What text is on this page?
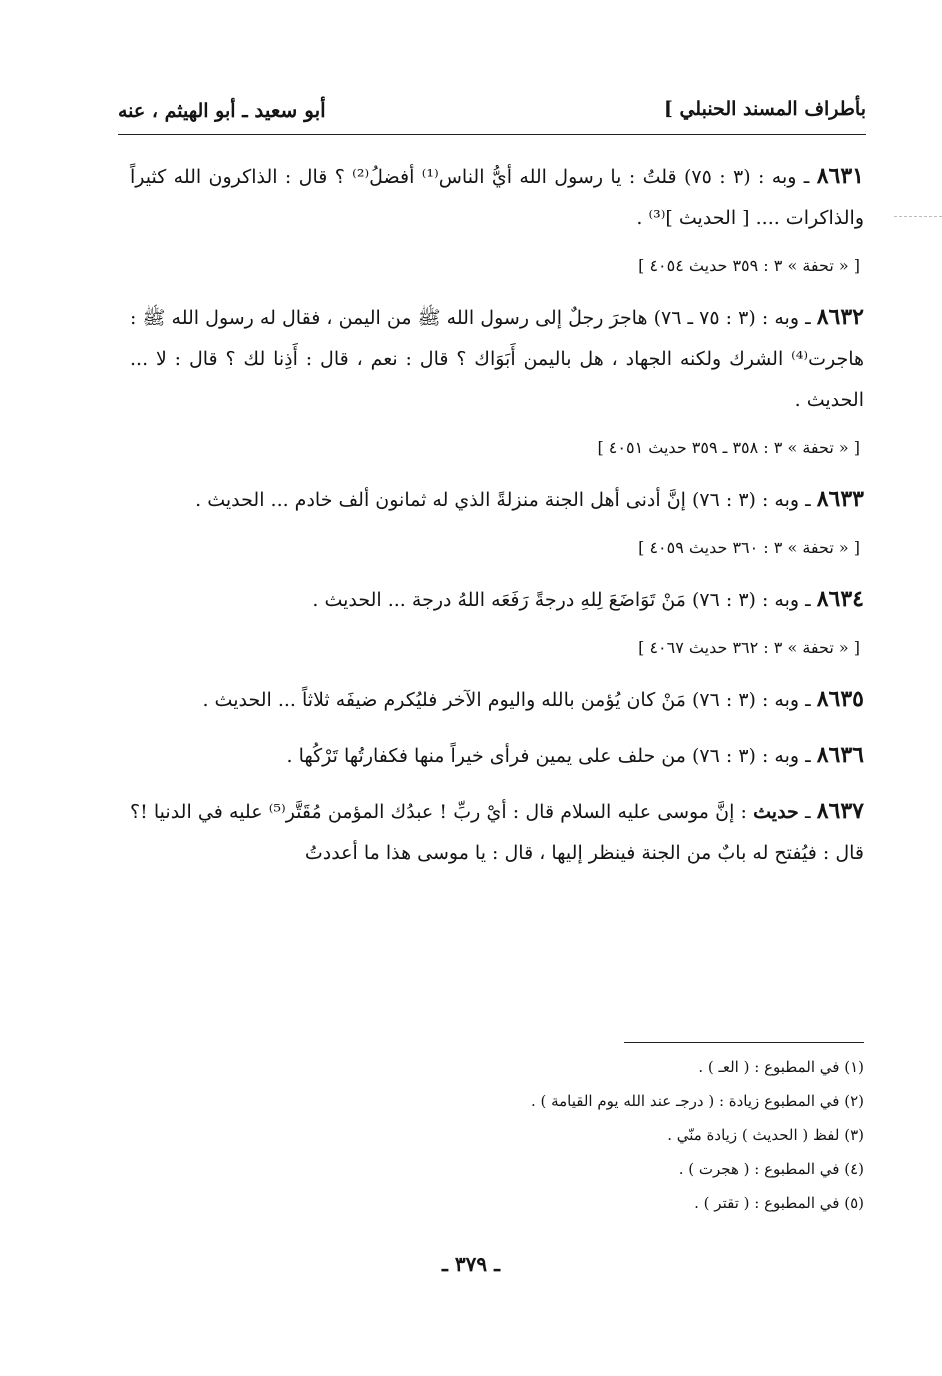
بأطراف المسند الحنبلي ]
أبو سعيد ـ أبو الهيثم ، عنه
٨٦٣١ ـ وبه : (٣ : ٧٥) قلتُ : يا رسول الله أيُّ الناس⁽¹⁾ أفضلُ⁽²⁾ ؟ قال : الذاكرون الله كثيراً والذاكرات .... [ الحديث ]⁽³⁾ .
[ « تحفة » ٣ : ٣٥٩ حديث ٤٠٥٤ ]
٨٦٣٢ ـ وبه : (٣ : ٧٥ ـ ٧٦) هاجرَ رجلٌ إلى رسول الله ﷺ من اليمن ، فقال له رسول الله ﷺ : هاجرت⁽⁴⁾ الشرك ولكنه الجهاد ، هل باليمن أَبَوَاك ؟ قال : نعم ، قال : أَذِنا لك ؟ قال : لا ... الحديث .
[ « تحفة » ٣ : ٣٥٨ ـ ٣٥٩ حديث ٤٠٥١ ]
٨٦٣٣ ـ وبه : (٣ : ٧٦) إنَّ أدنى أهل الجنة منزلةً الذي له ثمانون ألف خادم ... الحديث .
[ « تحفة » ٣ : ٣٦٠ حديث ٤٠٥٩ ]
٨٦٣٤ ـ وبه : (٣ : ٧٦) مَنْ تَوَاضَعَ لِلهِ درجةً رَفَعَه اللهُ درجة ... الحديث .
[ « تحفة » ٣ : ٣٦٢ حديث ٤٠٦٧ ]
٨٦٣٥ ـ وبه : (٣ : ٧٦) مَنْ كان يُؤمن بالله واليوم الآخر فليُكرم ضيفَه ثلاثاً ... الحديث .
٨٦٣٦ ـ وبه : (٣ : ٧٦) من حلف على يمين فرأى خيراً منها فكفارتُها تَرْكُها .
٨٦٣٧ ـ حديث : إنَّ موسى عليه السلام قال : أيْ ربِّ ! عبدُك المؤمن مُقَتَّر⁽⁵⁾ عليه في الدنيا !؟ قال : فيُفتح له بابٌ من الجنة فينظر إليها ، قال : يا موسى هذا ما أعددتُ
(١) في المطبوع : ( العـ ) .
(٢) في المطبوع زيادة : ( درجـ عند الله يوم القيامة ) .
(٣) لفظ ( الحديث ) زيادة منّي .
(٤) في المطبوع : ( هجرت ) .
(٥) في المطبوع : ( تقتر ) .
ـ ٣٧٩ ـ
